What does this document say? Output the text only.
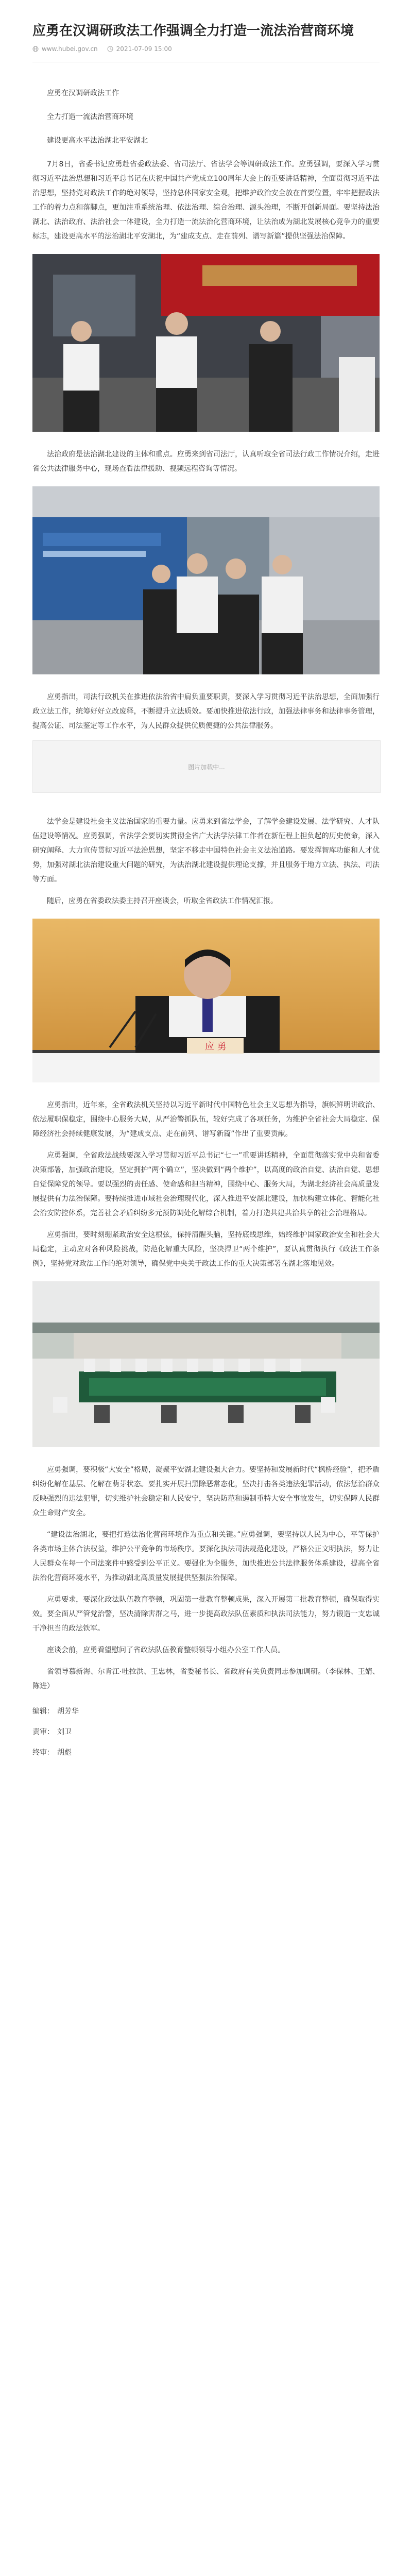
应勇在汉调研政法工作强调全力打造一流法治营商环境
www.hubei.gov.cn	2021-07-09 15:00

应勇在汉调研政法工作

全力打造一流法治营商环境

建设更高水平法治湖北平安湖北

7月8日，省委书记应勇赴省委政法委、省司法厅、省法学会等调研政法工作。应勇强调，要深入学习贯彻习近平法治思想和习近平总书记在庆祝中国共产党成立100周年大会上的重要讲话精神，全面贯彻习近平法治思想，坚持党对政法工作的绝对领导，坚持总体国家安全观，把维护政治安全放在首要位置，牢牢把握政法工作的着力点和落脚点，更加注重系统治理、依法治理、综合治理、源头治理，不断开创新局面。要坚持法治湖北、法治政府、法治社会一体建设，全力打造一流法治化营商环境，让法治成为湖北发展核心竞争力的重要标志，建设更高水平的法治湖北平安湖北，为“建成支点、走在前列、谱写新篇”提供坚强法治保障。

法治政府是法治湖北建设的主体和重点。应勇来到省司法厅，认真听取全省司法行政工作情况介绍，走进省公共法律服务中心，现场查看法律援助、视频远程咨询等情况。

应勇指出，司法行政机关在推进依法治省中肩负重要职责，要深入学习贯彻习近平法治思想，全面加强行政立法工作，统筹好好立改废释，不断提升立法质效。要加快推进依法行政，加强法律事务和法律事务管理，提高公证、司法鉴定等工作水平，为人民群众提供优质便捷的公共法律服务。

图片加载中...

法学会是建设社会主义法治国家的重要力量。应勇来到省法学会，了解学会建设发展、法学研究、人才队伍建设等情况。应勇强调，省法学会要切实贯彻全省广大法学法律工作者在新征程上担负起的历史使命，深入研究阐释、大力宣传贯彻习近平法治思想，坚定不移走中国特色社会主义法治道路。要发挥智库功能和人才优势，加强对湖北法治建设重大问题的研究，为法治湖北建设提供理论支撑，并且服务于地方立法、执法、司法等方面。

随后，应勇在省委政法委主持召开座谈会，听取全省政法工作情况汇报。

应 勇

应勇指出，近年来，全省政法机关坚持以习近平新时代中国特色社会主义思想为指导，旗帜鲜明讲政治、依法履职保稳定，围绕中心服务大局，从严治警抓队伍，较好完成了各项任务，为维护全省社会大局稳定、保障经济社会持续健康发展，为“建成支点、走在前列、谱写新篇”作出了重要贡献。

应勇强调，全省政法战线要深入学习贯彻习近平总书记“七一”重要讲话精神，全面贯彻落实党中央和省委决策部署，加强政治建设，坚定拥护“两个确立”，坚决做到“两个维护”，以高度的政治自觉、法治自觉、思想自觉保障党的领导。要以强烈的责任感、使命感和担当精神，围绕中心、服务大局，为湖北经济社会高质量发展提供有力法治保障。要持续推进市域社会治理现代化，深入推进平安湖北建设，加快构建立体化、智能化社会治安防控体系，完善社会矛盾纠纷多元预防调处化解综合机制，着力打造共建共治共享的社会治理格局。

应勇指出，要时刻绷紧政治安全这根弦，保持清醒头脑，坚持底线思维，始终维护国家政治安全和社会大局稳定，主动应对各种风险挑战，防范化解重大风险，坚决捍卫“两个维护”，要认真贯彻执行《政法工作条例》，坚持党对政法工作的绝对领导，确保党中央关于政法工作的重大决策部署在湖北落地见效。

应勇强调，要积极“大安全”格局，凝聚平安湖北建设强大合力。要坚持和发展新时代“枫桥经验”，把矛盾纠纷化解在基层、化解在萌芽状态。要扎实开展扫黑除恶常态化，坚决打击各类违法犯罪活动，依法惩治群众反映强烈的违法犯罪，切实维护社会稳定和人民安宁，坚决防范和遏制重特大安全事故发生，切实保障人民群众生命财产安全。

“建设法治湖北，要把打造法治化营商环境作为重点和关键。”应勇强调，要坚持以人民为中心，平等保护各类市场主体合法权益，维护公平竞争的市场秩序。要深化执法司法规范化建设，严格公正文明执法，努力让人民群众在每一个司法案件中感受到公平正义。要强化为企服务，加快推进公共法律服务体系建设，提高全省法治化营商环境水平，为推动湖北高质量发展提供坚强法治保障。

应勇要求，要深化政法队伍教育整顿，巩固第一批教育整顿成果，深入开展第二批教育整顿，确保取得实效。要全面从严管党治警，坚决清除害群之马，进一步提高政法队伍素质和执法司法能力，努力锻造一支忠诚干净担当的政法铁军。

座谈会前，应勇看望慰问了省政法队伍教育整顿领导小组办公室工作人员。

省领导慕新海、尔肯江·吐拉洪、王忠林，省委秘书长、省政府有关负责同志参加调研。（李保林、王婧、陈进）

编辑： 胡芳华

责审： 刘卫

终审： 胡彪
